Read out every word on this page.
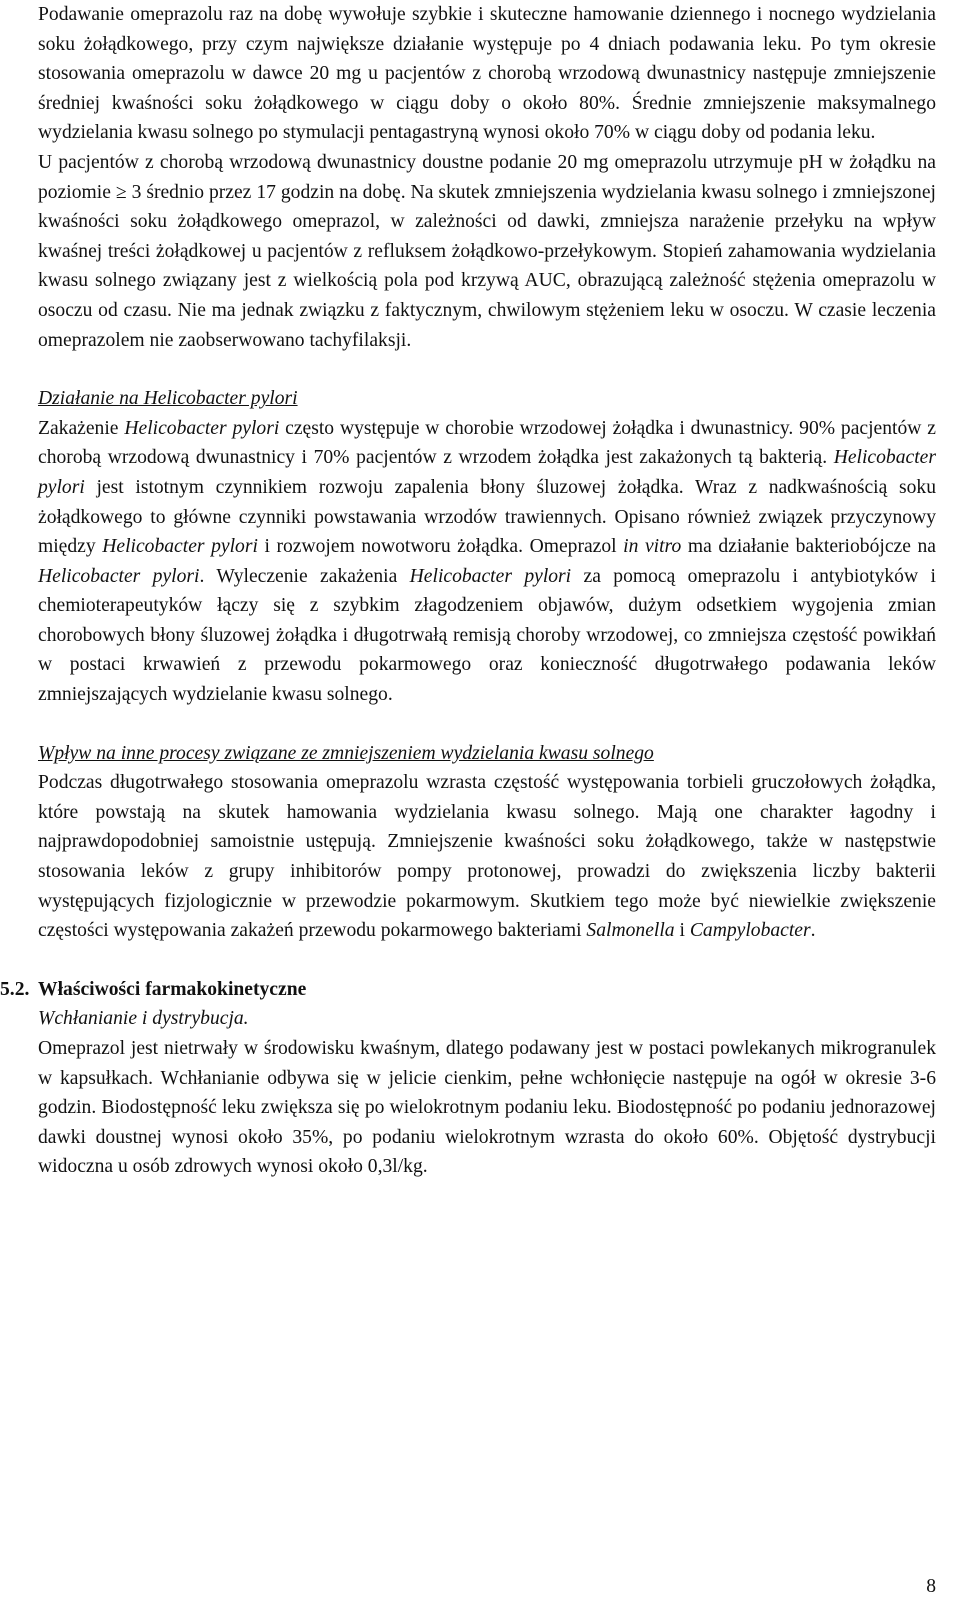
Podawanie omeprazolu raz na dobę wywołuje szybkie i skuteczne hamowanie dziennego i nocnego wydzielania soku żołądkowego, przy czym największe działanie występuje po 4 dniach podawania leku. Po tym okresie stosowania omeprazolu w dawce 20 mg u pacjentów z chorobą wrzodową dwunastnicy następuje zmniejszenie średniej kwaśności soku żołądkowego w ciągu doby o około 80%. Średnie zmniejszenie maksymalnego wydzielania kwasu solnego po stymulacji pentagastryną wynosi około 70% w ciągu doby od podania leku.

U pacjentów z chorobą wrzodową dwunastnicy doustne podanie 20 mg omeprazolu utrzymuje pH w żołądku na poziomie ≥ 3 średnio przez 17 godzin na dobę. Na skutek zmniejszenia wydzielania kwasu solnego i zmniejszonej kwaśności soku żołądkowego omeprazol, w zależności od dawki, zmniejsza narażenie przełyku na wpływ kwaśnej treści żołądkowej u pacjentów z refluksem żołądkowo-przełykowym. Stopień zahamowania wydzielania kwasu solnego związany jest z wielkością pola pod krzywą AUC, obrazującą zależność stężenia omeprazolu w osoczu od czasu. Nie ma jednak związku z faktycznym, chwilowym stężeniem leku w osoczu. W czasie leczenia omeprazolem nie zaobserwowano tachyfilaksji.

Działanie na Helicobacter pylori

Zakażenie Helicobacter pylori często występuje w chorobie wrzodowej żołądka i dwunastnicy. 90% pacjentów z chorobą wrzodową dwunastnicy i 70% pacjentów z wrzodem żołądka jest zakażonych tą bakterią. Helicobacter pylori jest istotnym czynnikiem rozwoju zapalenia błony śluzowej żołądka. Wraz z nadkwaśnością soku żołądkowego to główne czynniki powstawania wrzodów trawiennych. Opisano również związek przyczynowy między Helicobacter pylori i rozwojem nowotworu żołądka. Omeprazol in vitro ma działanie bakteriobójcze na Helicobacter pylori. Wyleczenie zakażenia Helicobacter pylori za pomocą omeprazolu i antybiotyków i chemioterapeutyków łączy się z szybkim złagodzeniem objawów, dużym odsetkiem wygojenia zmian chorobowych błony śluzowej żołądka i długotrwałą remisją choroby wrzodowej, co zmniejsza częstość powikłań w postaci krwawień z przewodu pokarmowego oraz konieczność długotrwałego podawania leków zmniejszających wydzielanie kwasu solnego.

Wpływ na inne procesy związane ze zmniejszeniem wydzielania kwasu solnego

Podczas długotrwałego stosowania omeprazolu wzrasta częstość występowania torbieli gruczołowych żołądka, które powstają na skutek hamowania wydzielania kwasu solnego. Mają one charakter łagodny i najprawdopodobniej samoistnie ustępują. Zmniejszenie kwaśności soku żołądkowego, także w następstwie stosowania leków z grupy inhibitorów pompy protonowej, prowadzi do zwiększenia liczby bakterii występujących fizjologicznie w przewodzie pokarmowym. Skutkiem tego może być niewielkie zwiększenie częstości występowania zakażeń przewodu pokarmowego bakteriami Salmonella i Campylobacter.

5.2. Właściwości farmakokinetyczne

Wchłanianie i dystrybucja.

Omeprazol jest nietrwały w środowisku kwaśnym, dlatego podawany jest w postaci powlekanych mikrogranulek w kapsułkach. Wchłanianie odbywa się w jelicie cienkim, pełne wchłonięcie następuje na ogół w okresie 3-6 godzin. Biodostępność leku zwiększa się po wielokrotnym podaniu leku. Biodostępność po podaniu jednorazowej dawki doustnej wynosi około 35%, po podaniu wielokrotnym wzrasta do około 60%. Objętość dystrybucji widoczna u osób zdrowych wynosi około 0,3l/kg.

8
